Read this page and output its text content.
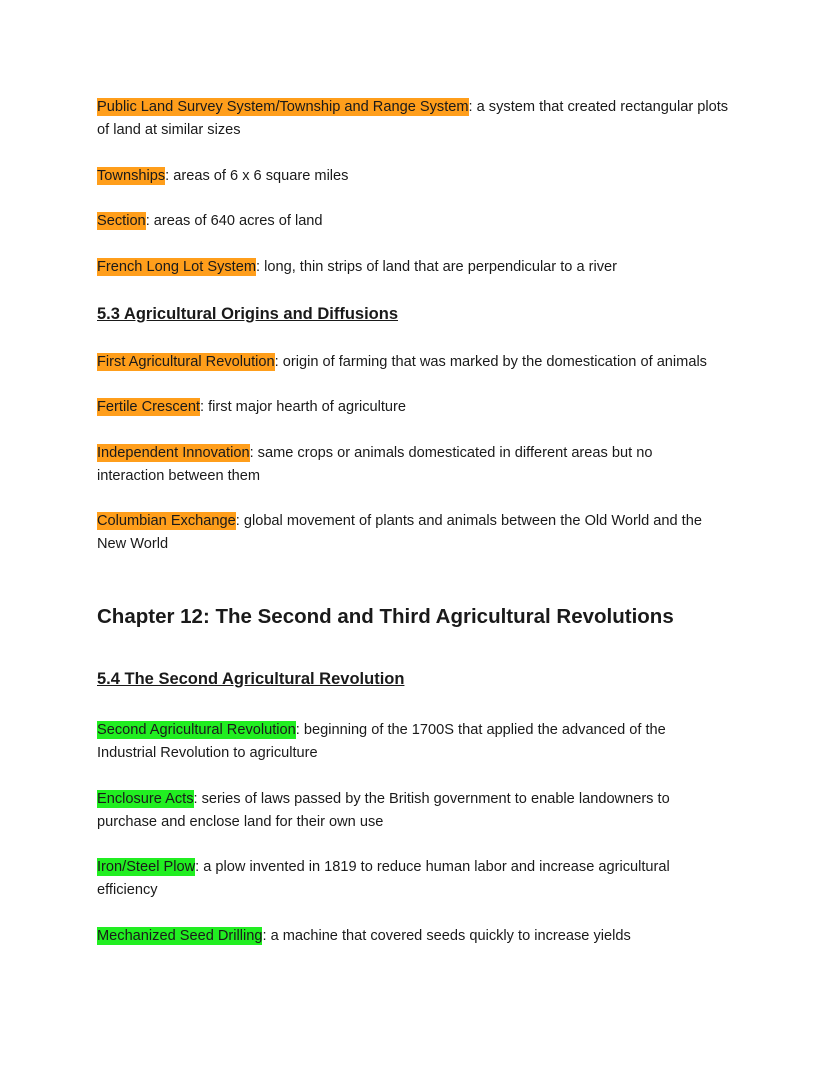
Public Land Survey System/Township and Range System: a system that created rectangular plots of land at similar sizes

Townships: areas of 6 x 6 square miles

Section: areas of 640 acres of land

French Long Lot System: long, thin strips of land that are perpendicular to a river

5.3 Agricultural Origins and Diffusions

First Agricultural Revolution: origin of farming that was marked by the domestication of animals

Fertile Crescent: first major hearth of agriculture

Independent Innovation: same crops or animals domesticated in different areas but no interaction between them

Columbian Exchange: global movement of plants and animals between the Old World and the New World

Chapter 12: The Second and Third Agricultural Revolutions
5.4 The Second Agricultural Revolution

Second Agricultural Revolution: beginning of the 1700S that applied the advanced of the Industrial Revolution to agriculture

Enclosure Acts: series of laws passed by the British government to enable landowners to purchase and enclose land for their own use

Iron/Steel Plow: a plow invented in 1819 to reduce human labor and increase agricultural efficiency

Mechanized Seed Drilling: a machine that covered seeds quickly to increase yields
